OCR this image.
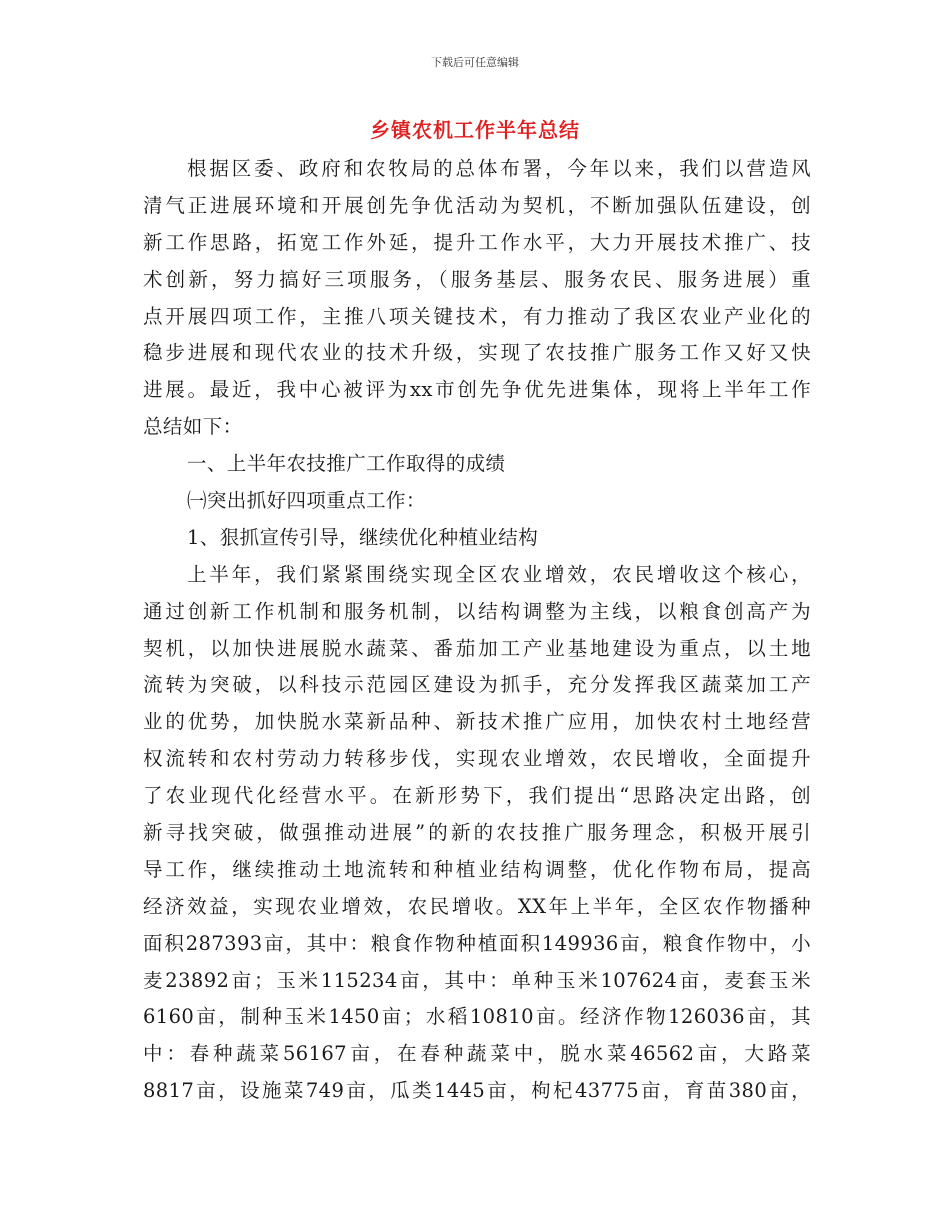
下载后可任意编辑
乡镇农机工作半年总结
根据区委、政府和农牧局的总体布署，今年以来，我们以营造风
清气正进展环境和开展创先争优活动为契机，不断加强队伍建设，创
新工作思路，拓宽工作外延，提升工作水平，大力开展技术推广、技
术创新，努力搞好三项服务，（服务基层、服务农民、服务进展）重
点开展四项工作，主推八项关键技术，有力推动了我区农业产业化的
稳步进展和现代农业的技术升级，实现了农技推广服务工作又好又快
进展。最近，我中心被评为xx市创先争优先进集体，现将上半年工作
总结如下：
一、上半年农技推广工作取得的成绩
㈠突出抓好四项重点工作：
1、狠抓宣传引导，继续优化种植业结构
上半年，我们紧紧围绕实现全区农业增效，农民增收这个核心，
通过创新工作机制和服务机制，以结构调整为主线，以粮食创高产为
契机，以加快进展脱水蔬菜、番茄加工产业基地建设为重点，以土地
流转为突破，以科技示范园区建设为抓手，充分发挥我区蔬菜加工产
业的优势，加快脱水菜新品种、新技术推广应用，加快农村土地经营
权流转和农村劳动力转移步伐，实现农业增效，农民增收，全面提升
了农业现代化经营水平。在新形势下，我们提出“思路决定出路，创
新寻找突破，做强推动进展”的新的农技推广服务理念，积极开展引
导工作，继续推动土地流转和种植业结构调整，优化作物布局，提高
经济效益，实现农业增效，农民增收。XX年上半年，全区农作物播种
面积287393亩，其中：粮食作物种植面积149936亩，粮食作物中，小
麦23892亩；玉米115234亩，其中：单种玉米107624亩，麦套玉米
6160亩，制种玉米1450亩；水稻10810亩。经济作物126036亩，其
中：春种蔬菜56167亩，在春种蔬菜中，脱水菜46562亩，大路菜
8817亩，设施菜749亩，瓜类1445亩，枸杞43775亩，育苗380亩，
